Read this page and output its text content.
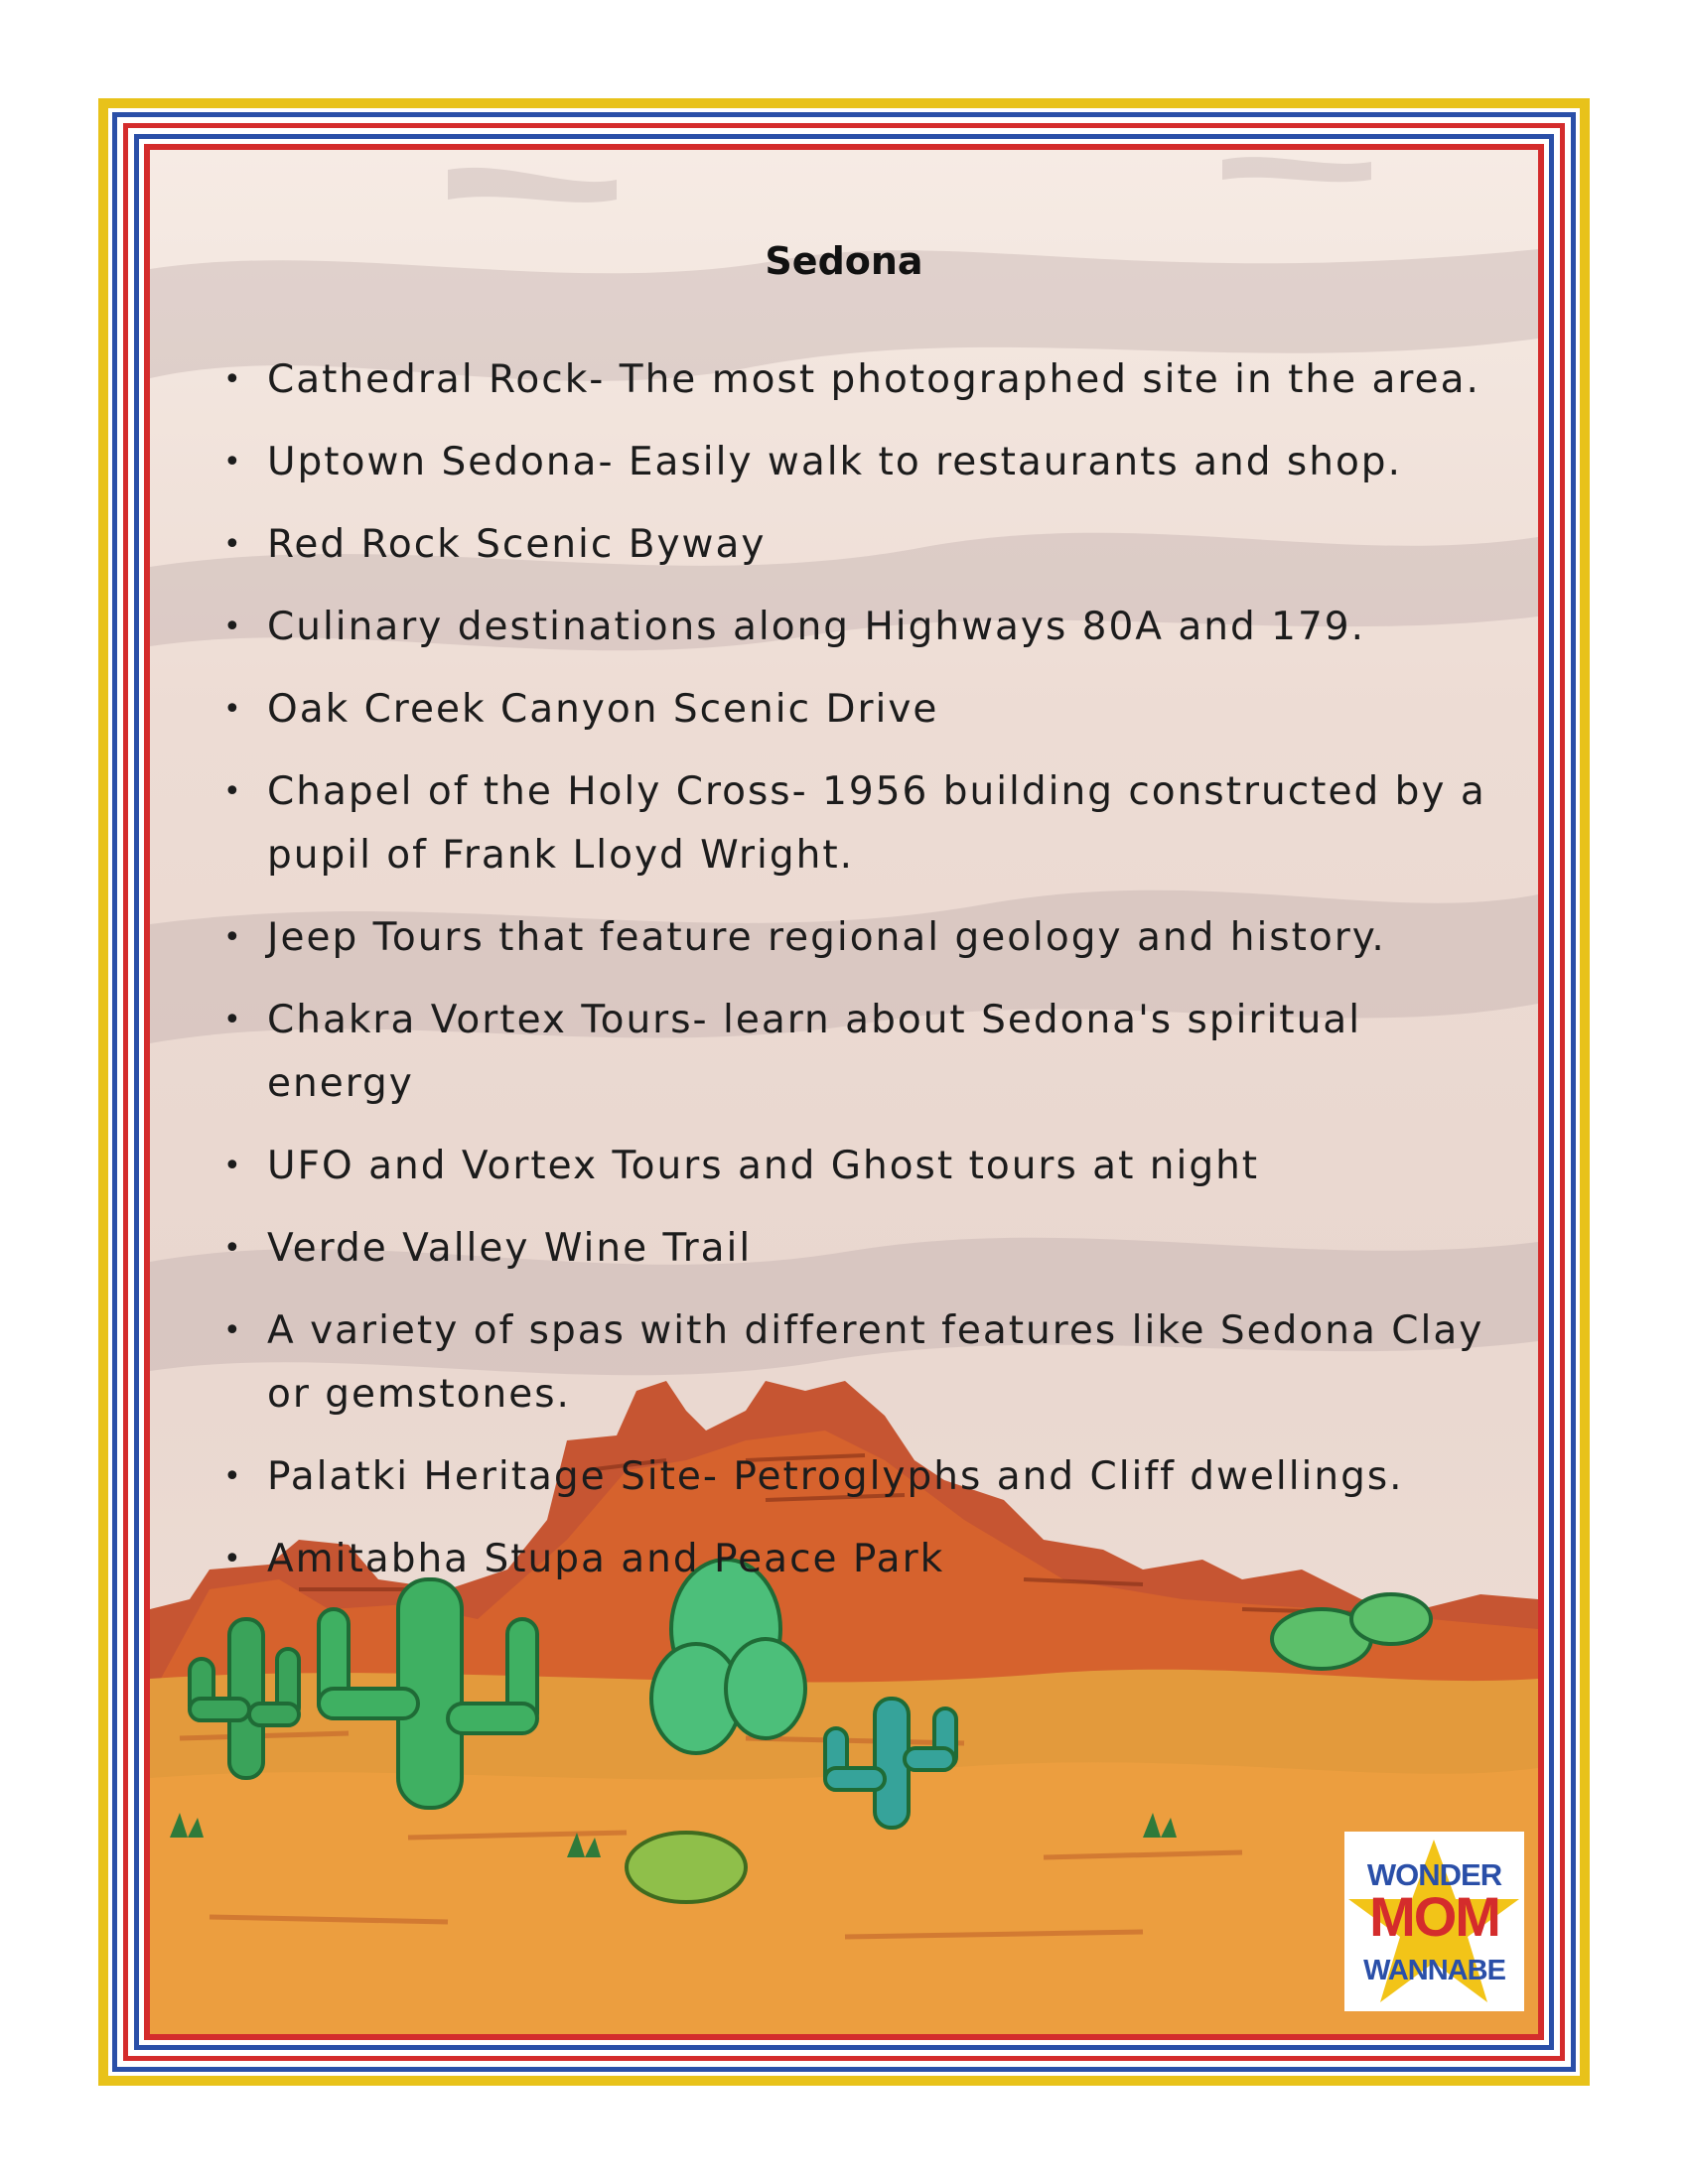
Sedona
• Cathedral Rock- The most photographed site in the area.
• Uptown Sedona- Easily walk to restaurants and shop.
• Red Rock Scenic Byway
• Culinary destinations along Highways 80A and 179.
• Oak Creek Canyon Scenic Drive
• Chapel of the Holy Cross- 1956 building constructed by a pupil of Frank Lloyd Wright.
• Jeep Tours that feature regional geology and history.
• Chakra Vortex Tours- learn about Sedona's spiritual energy
• UFO and Vortex Tours and Ghost tours at night
• Verde Valley Wine Trail
• A variety of spas with different features like Sedona Clay or gemstones.
• Palatki Heritage Site- Petroglyphs and Cliff dwellings.
• Amitabha Stupa and Peace Park
WONDER
MOM
WANNABE
